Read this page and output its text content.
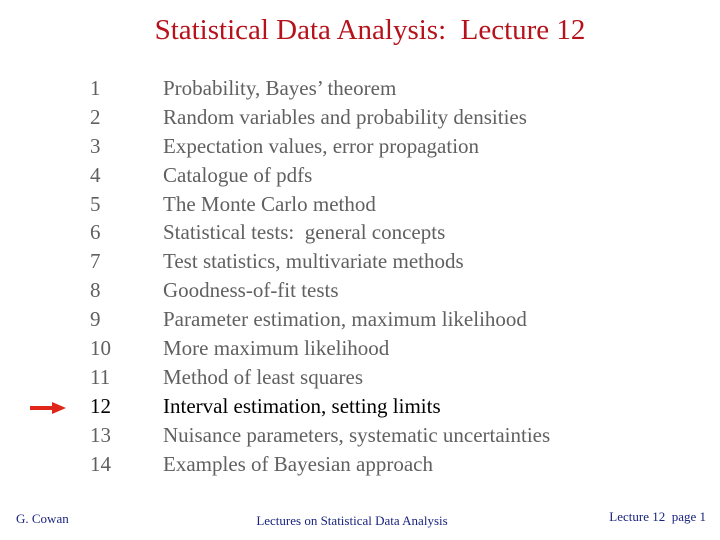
Statistical Data Analysis:  Lecture 12
1	Probability, Bayes’ theorem
2	Random variables and probability densities
3	Expectation values, error propagation
4	Catalogue of pdfs
5	The Monte Carlo method
6	Statistical tests:  general concepts
7	Test statistics, multivariate methods
8	Goodness-of-fit tests
9	Parameter estimation, maximum likelihood
10 More maximum likelihood
11	Method of least squares
12 Interval estimation, setting limits
13 Nuisance parameters, systematic uncertainties
14 Examples of Bayesian approach
G. Cowan	Lectures on Statistical Data Analysis	Lecture 12  page 1
